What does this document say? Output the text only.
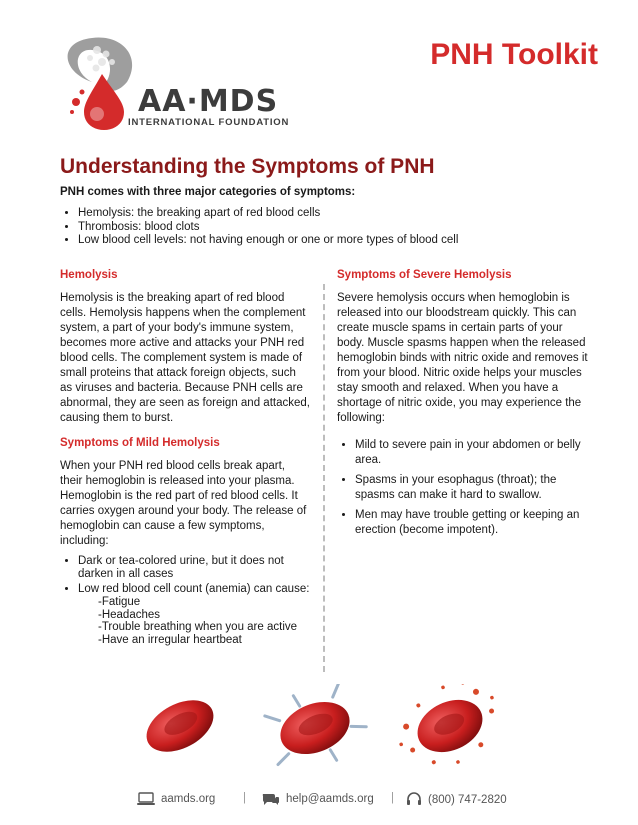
AA·MDS
INTERNATIONAL FOUNDATION
PNH Toolkit
Understanding the Symptoms of PNH

PNH comes with three major categories of symptoms:

• Hemolysis: the breaking apart of red blood cells
• Thrombosis: blood clots
• Low blood cell levels: not having enough or one or more types of blood cell
Hemolysis

Hemolysis is the breaking apart of red blood cells. Hemolysis happens when the complement system, a part of your body's immune system, becomes more active and attacks your PNH red blood cells. The complement system is made of small proteins that attack foreign objects, such as viruses and bacteria. Because PNH cells are abnormal, they are seen as foreign and attacked, causing them to burst.

Symptoms of Mild Hemolysis

When your PNH red blood cells break apart, their hemoglobin is released into your plasma. Hemoglobin is the red part of red blood cells. It carries oxygen around your body. The release of hemoglobin can cause a few symptoms, including:

• Dark or tea-colored urine, but it does not darken in all cases
• Low red blood cell count (anemia) can cause:
-Fatigue
-Headaches
-Trouble breathing when you are active
-Have an irregular heartbeat
Symptoms of Severe Hemolysis

Severe hemolysis occurs when hemoglobin is released into our bloodstream quickly. This can create muscle spams in certain parts of your body. Muscle spasms happen when the released hemoglobin binds with nitric oxide and removes it from your blood. Nitric oxide helps your muscles stay smooth and relaxed. When you have a shortage of nitric oxide, you may experience the following:

• Mild to severe pain in your abdomen or belly area.
• Spasms in your esophagus (throat); the spasms can make it hard to swallow.
• Men may have trouble getting or keeping an erection (become impotent).
aamds.org |	help@aamds.org |	(800) 747-2820
